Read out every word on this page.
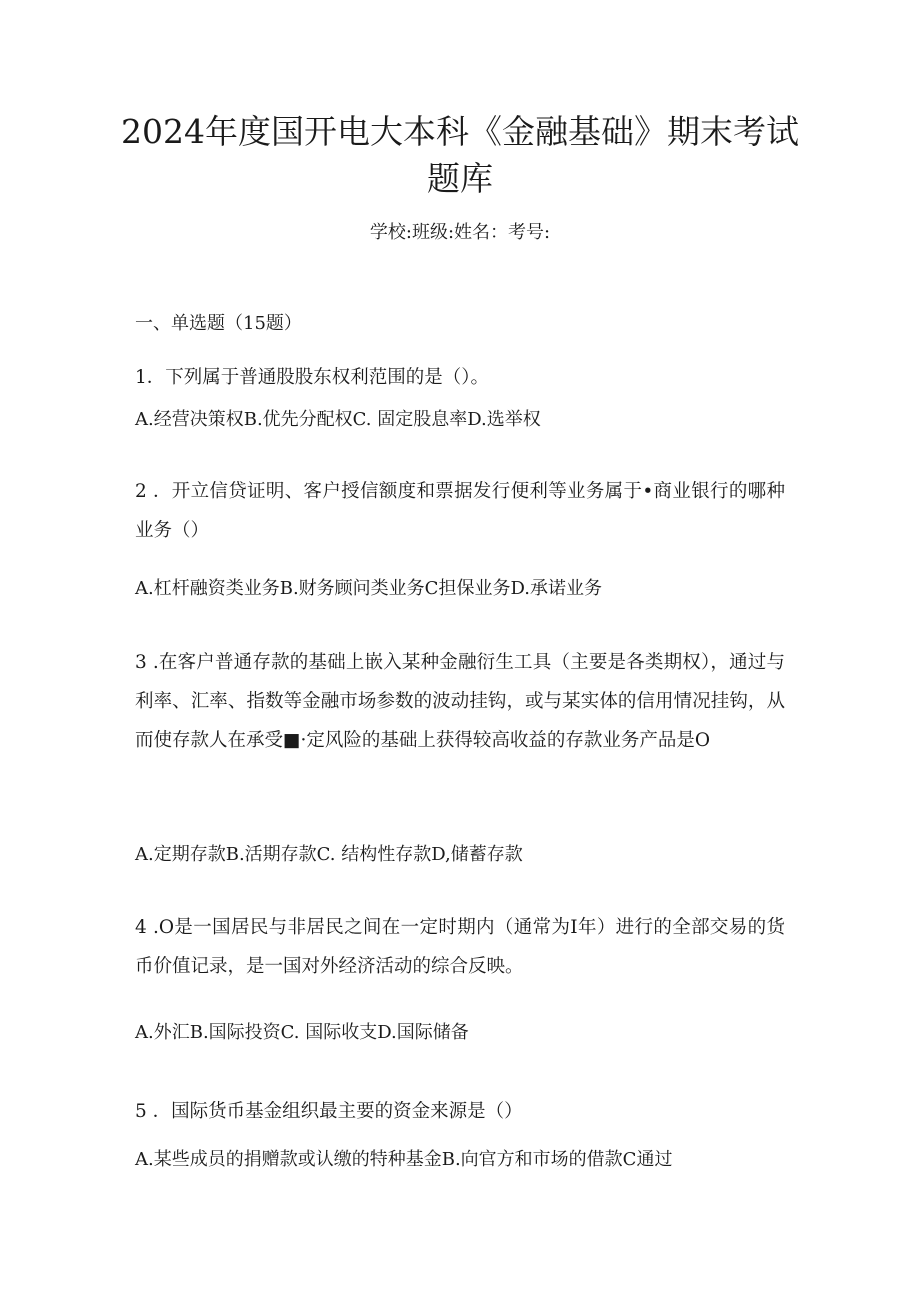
2024年度国开电大本科《金融基础》期末考试题库
学校:班级:姓名：考号:
一、单选题（15题）
1．下列属于普通股股东权利范围的是（）。
A.经营决策权B.优先分配权C. 固定股息率D.选举权
2 ．开立信贷证明、客户授信额度和票据发行便利等业务属于•商业银行的哪种业务（）
A.杠杆融资类业务B.财务顾问类业务C担保业务D.承诺业务
3 .在客户普通存款的基础上嵌入某种金融衍生工具（主要是各类期权），通过与利率、汇率、指数等金融市场参数的波动挂钩，或与某实体的信用情况挂钩，从而使存款人在承受■·定风险的基础上获得较高收益的存款业务产品是O
A.定期存款B.活期存款C. 结构性存款D,储蓄存款
4 .O是一国居民与非居民之间在一定时期内（通常为I年）进行的全部交易的货币价值记录，是一国对外经济活动的综合反映。
A.外汇B.国际投资C. 国际收支D.国际储备
5 ．国际货币基金组织最主要的资金来源是（）
A.某些成员的捐赠款或认缴的特种基金B.向官方和市场的借款C通过
